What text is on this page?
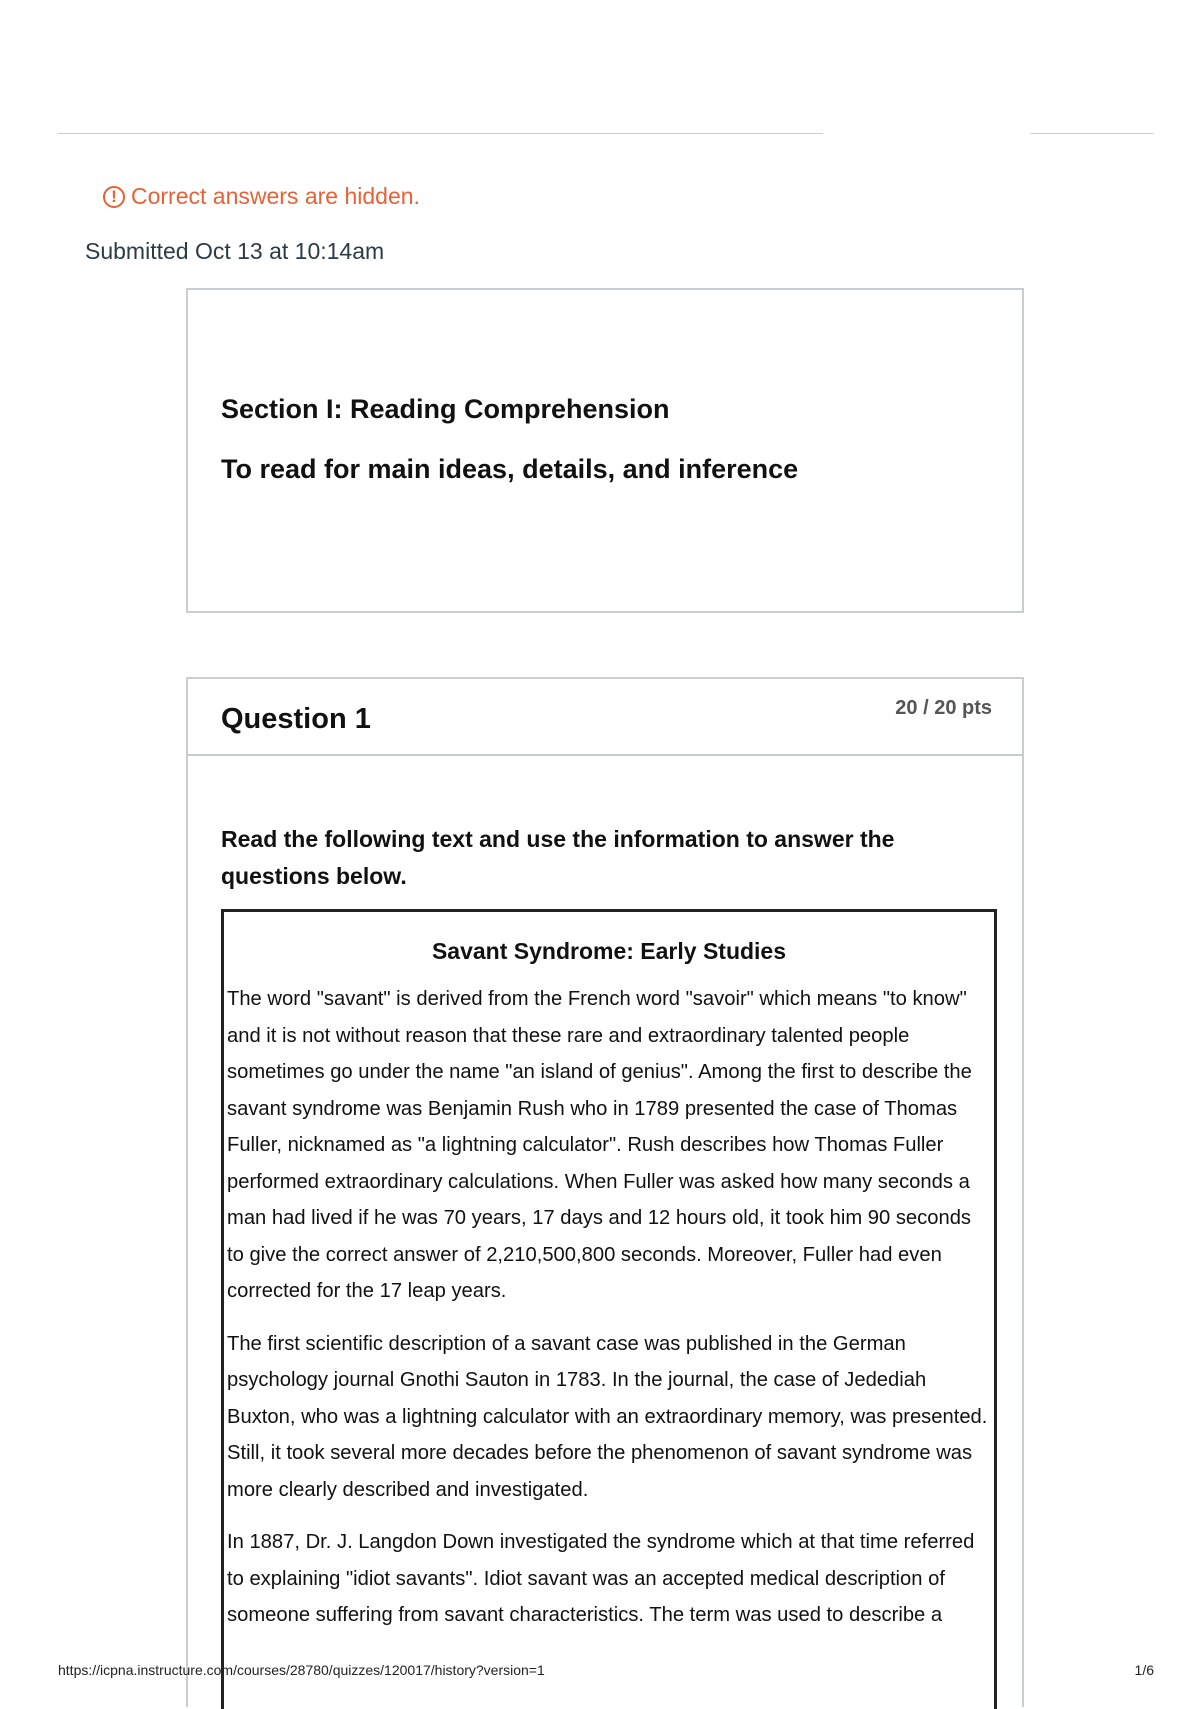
! Correct answers are hidden.
Submitted Oct 13 at 10:14am
Section I: Reading Comprehension
To read for main ideas, details, and inference
Question 1	20 / 20 pts
Read the following text and use the information to answer the questions below.
Savant Syndrome: Early Studies

The word "savant" is derived from the French word "savoir" which means "to know" and it is not without reason that these rare and extraordinary talented people sometimes go under the name "an island of genius". Among the first to describe the savant syndrome was Benjamin Rush who in 1789 presented the case of Thomas Fuller, nicknamed as "a lightning calculator". Rush describes how Thomas Fuller performed extraordinary calculations. When Fuller was asked how many seconds a man had lived if he was 70 years, 17 days and 12 hours old, it took him 90 seconds to give the correct answer of 2,210,500,800 seconds. Moreover, Fuller had even corrected for the 17 leap years.

The first scientific description of a savant case was published in the German psychology journal Gnothi Sauton in 1783. In the journal, the case of Jedediah Buxton, who was a lightning calculator with an extraordinary memory, was presented. Still, it took several more decades before the phenomenon of savant syndrome was more clearly described and investigated.

In 1887, Dr. J. Langdon Down investigated the syndrome which at that time referred to explaining "idiot savants". Idiot savant was an accepted medical description of someone suffering from savant characteristics. The term was used to describe a

https://icpna.instructure.com/courses/28780/quizzes/120017/history?version=1	1/6
